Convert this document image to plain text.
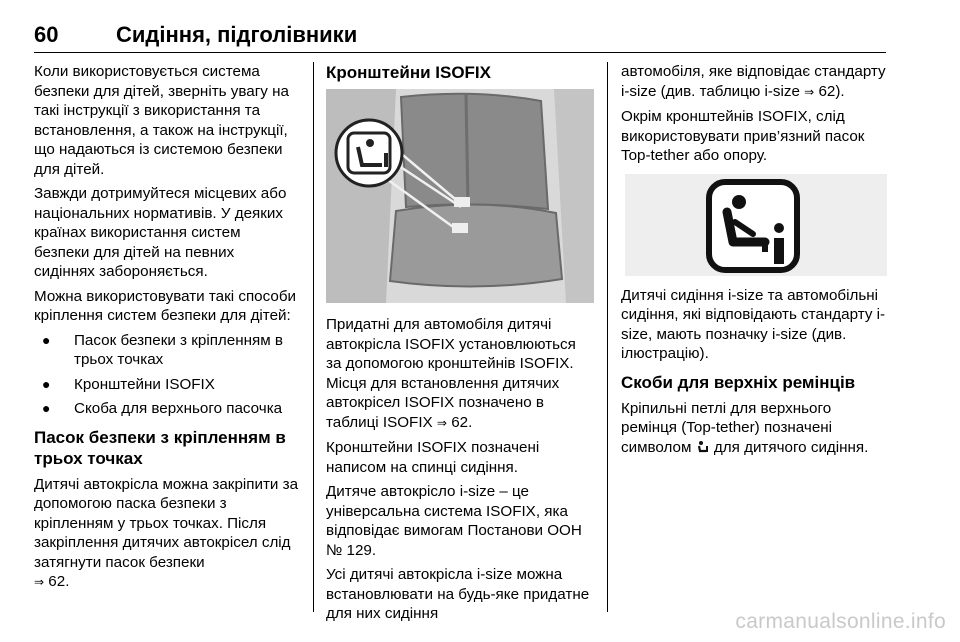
60	Сидіння, підголівники

Коли використовується система безпеки для дітей, зверніть увагу на такі інструкції з використання та встановлення, а також на інструкції, що надаються із системою безпеки для дітей.

Завжди дотримуйтеся місцевих або національних нормативів. У деяких країнах використання систем безпеки для дітей на певних сидіннях забороняється.

Можна використовувати такі способи кріплення систем безпеки для дітей:

● Пасок безпеки з кріпленням в трьох точках
● Кронштейни ISOFIX
● Скоба для верхнього пасочка
Пасок безпеки з кріпленням в трьох точках

Дитячі автокрісла можна закріпити за допомогою паска безпеки з кріпленням у трьох точках. Після закріплення дитячих автокрісел слід затягнути пасок безпеки
⇒ 62.

Кронштейни ISOFIX

Придатні для автомобіля дитячі автокрісла ISOFIX установлюються за допомогою кронштейнів ISOFIX. Місця для встановлення дитячих автокрісел ISOFIX позначено в таблиці ISOFIX ⇒ 62.

Кронштейни ISOFIX позначені написом на спинці сидіння.

Дитяче автокрісло i-size – це універсальна система ISOFIX, яка відповідає вимогам Постанови ООН № 129.

Усі дитячі автокрісла i-size можна встановлювати на будь-яке придатне для них сидіння

автомобіля, яке відповідає стандарту i-size (див. таблицю i-size ⇒ 62).

Окрім кронштейнів ISOFIX, слід використовувати прив’язний пасок Top-tether або опору.

Дитячі сидіння i-size та автомобільні сидіння, які відповідають стандарту i-size, мають позначку i-size (див. ілюстрацію).

Скоби для верхніх ремінців

Кріпильні петлі для верхнього ремінця (Top-tether) позначені символом для дитячого сидіння.

carmanualsonline.info
